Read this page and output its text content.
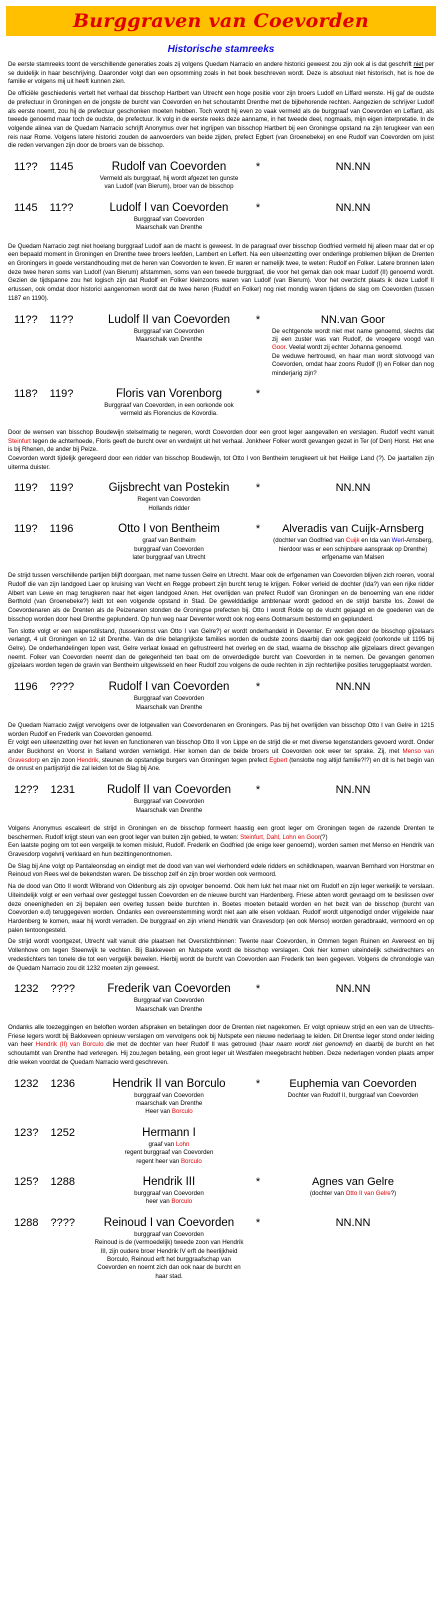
Burggraven van Coevorden
Historische stamreeks

De eerste stamreeks toont de verschillende generaties zoals zij volgens Quedam Narracio en andere historici geweest zou zijn ook al is dat geschrift niet per se duidelijk in haar beschrijving. Daaronder volgt dan een opsomming zoals in het boek beschreven wordt. Deze is absoluut niet historisch, het is hoe de familie er volgens mij uit heeft kunnen zien.

De officiële geschiedenis vertelt het verhaal dat bisschop Hartbert van Utrecht een hoge positie voor zijn broers Ludolf en Liffard wenste. Hij gaf de oudste de prefectuur in Groningen en de jongste de burcht van Coevorden en het schoutambt Drenthe met de bijbehorende rechten. Aangezien de schrijver Ludolf als eerste noemt, zou hij de prefectuur geschonken moeten hebben. Toch wordt hij even zo vaak vermeld als de burggraaf van Coevorden en Leffard, als tweede genoemd maar toch de oudste, de prefectuur. Ik volg in de eerste reeks deze aanname, in het tweede deel, nogmaals, mijn eigen interpretatie. In de volgende alinea van de Quedam Narracio schrijft Anonymus over het ingrijpen van bisschop Hartbert bij een Groningse opstand na zijn terugkeer van een reis naar Rome. Volgens latere historici zouden de aanvoerders van beide zijden, prefect Egbert (van Groenebeke) en ene Rudolf van Coevorden om juist die reden vervangen zijn door de broers van de bisschop.

11?? 1145	Rudolf van Coevorden
Vermeld als burggraaf, hij wordt afgezet ten gunste van Ludolf (van Bierum), broer van de bisschop
*	NN.NN
1145 11??	Ludolf I van Coevorden
Burggraaf van Coevorden
Maarschalk van Drenthe
*	NN.NN

De Quedam Narracio zegt niet hoelang burggraaf Ludolf aan de macht is geweest. In de paragraaf over bisschop Godfried vermeld hij alleen maar dat er op een bepaald moment in Groningen en Drenthe twee broers leefden, Lambert en Leffert. Na een uiteenzetting over onderlinge problemen blijken de Drenten en Groningers in goede verstandhouding met de heren van Coevorden te leven. Er waren er namelijk twee, te weten: Rudolf en Folker. Latere bronnen laten deze twee heren soms van Ludolf (van Bierum) afstammen, soms van een tweede burggraaf, die voor het gemak dan ook maar Ludolf (II) genoemd wordt. Gezien de tijdspanne zou het logisch zijn dat Rudolf en Folker kleinzoons waren van Ludolf (van Bierum). Voor het overzicht plaats ik deze Ludolf II ertussen, ook omdat door historici aangenomen wordt dat de twee heren (Rudolf en Folker) nog niet mondig waren tijdens de slag om Coevorden (tussen 1187 en 1190).

11?? 11??	Ludolf II van Coevorden
Burggraaf van Coevorden
Maarschalk van Drenthe
*	NN.van Goor
De echtgenote wordt niet met name genoemd, slechts dat zij een zuster was van Rudolf, de vroegere voogd van Goor. Veelal wordt zij echter Johanna genoemd.
De weduwe hertrouwd, en haar man wordt slotvoogd van Coevorden, omdat haar zoons Rudolf (I) en Folker dan nog minderjarig zijn?
118? 119?	Floris van Vorenborg
Burggraaf van Coevorden, in een oorkonde ook vermeld als Florencius de Kovordia.
*

Door de wensen van bisschop Boudewijn stelselmatig te negeren, wordt Coevorden door een groot leger aangevallen en verslagen. Rudolf vecht vanuit Steinfurt tegen de achterhoede, Floris geeft de burcht over en verdwijnt uit het verhaal. Jonkheer Folker wordt gevangen gezet in Ter (of Den) Horst. Het ene is bij Rhenen, de ander bij Peize.
Coevorden wordt tijdelijk geregeerd door een ridder van bisschop Boudewijn, tot Otto I von Bentheim terugkeert uit het Heilige Land (?). De jaartallen zijn uiterma duister.

119? 119?	Gijsbrecht van Postekin
Regent van Coevorden
Hollands ridder
*	NN.NN
119? 1196	Otto I von Bentheim
graaf van Bentheim
burggraaf van Coevorden
later burggraaf van Utrecht
*	Alveradis van Cuijk-Arnsberg
(dochter van Godfried van Cuijk en Ida van Werl-Arnsberg, hierdoor was er een schijnbare aanspraak op Drenthe)
erfgename van Malsen

De strijd tussen verschillende partijen blijft doorgaan, met name tussen Gelre en Utrecht. Maar ook de erfgenamen van Coevorden blijven zich roeren, vooral Rudolf die van zijn landgoed Laer op kruising van Vecht en Regge probeert zijn burcht terug te krijgen. Folker verleid de dochter (Ida?) van een rijke ridder Albert van Lewe en mag terugkeren naar het eigen landgoed Anen. Het overlijden van prefect Rudolf van Groningen en de benoeming van ene ridder Berthold (van Groenebeke?) leidt tot een volgende opstand in Stad. De gewelddadige ambtenaar wordt gedood en de strijd barstte los. Zowel de Coevordenaren als de Drenten als de Peizenaren stonden de Groningse prefecten bij. Otto I wordt Rolde op de vlucht gejaagd en de goederen van de bisschop worden door heel Drenthe geplunderd. Op hun weg naar Deventer wordt ook nog eens Ootmarsum bestormd en geplunderd.

Ten slotte volgt er een wapenstilstand, (tussenkomst van Otto I van Gelre?) er wordt onderhandeld in Deventer. Er worden door de bisschop gijzelaars verlangt, 4 uit Groningen en 12 uit Drenthe. Van de drie belangrijkste families worden de oudste zoons daarbij dan ook gegijzeld (oorkonde uit 1195 bij Gelre). De onderhandelingen lopen vast, Gelre verlaat kwaad en gefrustreerd het overleg en de stad, waarna de bisschop alle gijzelaars direct gevangen neemt. Folker van Coevorden neemt dan de gelegenheid ten baat om de onverdedigde burcht van Coevorden in te nemen. De gevangen genomen gijzelaars worden tegen de gravin van Bentheim uitgewisseld en heer Rudolf zou volgens de oude rechten in zijn rechterlijke posities teruggeplaatst worden.

1196 ????	Rudolf I van Coevorden
Burggraaf van Coevorden
Maarschalk van Drenthe
*	NN.NN

De Quedam Narracio zwijgt vervolgens over de lotgevallen van Coevordenaren en Groningers. Pas bij het overlijden van bisschop Otto I van Gelre in 1215 worden Rudolf en Frederik van Coevorden genoemd.
Er volgt een uiteenzetting over het leven en functioneren van bisschop Otto II von Lippe en de strijd die er met diverse tegenstanders gevoerd wordt. Onder ander Buckhorst en Voorst in Salland worden vernietigd. Hier komen dan de beide broers uit Coevorden ook weer ter sprake. Zij, met Menso van Gravesdorp en zijn zoon Hendrik, steunen de opstandige burgers van Groningen tegen prefect Egbert (tenslotte nog altijd familie?!?) en dit is het begin van de onrust en partijstrijd die zal leiden tot de Slag bij Ane.

12?? 1231	Rudolf II van Coevorden
Burggraaf van Coevorden
Maarschalk van Drenthe
*	NN.NN

Volgens Anonymus escaleert de strijd in Groningen en de bisschop formeert haastig een groot leger om Groningen tegen de razende Drenten te beschermen. Rudolf krijgt steun van een groot leger van buiten zijn gebied, te weten: Steinfurt, Dahl, Lohn en Goor(?)
Een laatste poging om tot een vergelijk te komen mislukt, Rudolf. Frederik en Godfried (de enige keer genoemd), worden samen met Menso en Hendrik van Gravesdorp vogelvrij verklaard en hun bezittingenontnomen.

De Slag bij Ane volgt op Pantaleonsdag en eindigt met de dood van van wel vierhonderd edele ridders en schildknapen, waarvan Bernhard von Horstmar en Reinoud von Rees wel de bekendsten waren. De bisschop zelf én zijn broer worden ook vermoord.

Na de dood van Otto II wordt Wilbrand von Oldenburg als zijn opvolger benoemd. Ook hem lukt het maar niet om Rudolf en zijn leger werkelijk te verslaan. Uiteindelijk volgt er een verhaal over gesteggel tussen Coevorden en de nieuwe burcht van Hardenberg. Friese abten wordt gevraagd om te beslissen over deze oneenigheden en zij bepalen een overleg tussen beide burchten in. Boetes moeten betaald worden en het bezit van de bisschop (burcht van Coevorden e.d) teruggegeven worden. Ondanks een overeenstemming wordt niet aan alle eisen voldaan. Rudolf wordt uitgenodigd onder vrijgeleide naar Hardenberg te komen, waar hij wordt verraden. De burggraaf en zijn vriend Hendrik van Gravesdorp (en ook Menso) worden geradbraakt, vermoord en op palen tentoongesteld.

De strijd wordt voortgezet, Utrecht valt vanuit drie plaatsen het Overstichtbinnen: Twente naar Coevorden, in Ommen tegen Ruinen en Avereest en bij Vollenhove om tegen Steenwijk te vechten. Bij Bakkeveen en Nutspete wordt de bisschop verslagen. Ook hier komen uiteindelijk scheidrechters en vredestichters ten tonele die tot een vergelijk bewelen. Hierbij wordt de burcht van Coevorden aan Frederik ten leen gegeven. Volgens de chronologie van de Quedam Narracio zou dit 1232 moeten zijn geweest.

1232 ????	Frederik van Coevorden
Burggraaf van Coevorden
Maarschalk van Drenthe
*	NN.NN

Ondanks alle toezeggingen en beloften worden afspraken en betalingen door de Drenten niet nagekomen. Er volgt opnieuw strijd en een van de Utrechts-Friese legers wordt bij Bakkeveen opnieuw verslagen om vervolgens ook bij Nutspete een nieuwe nederlaag te leiden. Dit Drentse leger stond onder leiding van heer Hendrik (II) van Borculo die met de dochter van heer Rudolf II was getrouwd (haar naam wordt niet genoemd) en daarbij de burcht en het schoutambt van Drenthe had verkregen. Hij zou,tegen betaling, een groot leger uit Westfalen meegebracht hebben. Deze nederlagen vonden plaats amper drie weken voordat de Quedam Narracio werd geschreven.

1232 1236	Hendrik II van Borculo
burggraaf van Coevorden
maarschalk van Drenthe
Heer van Borculo
*	Euphemia van Coevorden
Dochter van Rudolf II, burggraaf van Coevorden
123? 1252	Hermann I
graaf van Lohn
regent burggraaf van Coevorden
regent heer van Borculo
125? 1288	Hendrik III
burggraaf van Coevorden
heer van Borculo
*	Agnes van Gelre
(dochter van Otto II van Gelre?)
1288 ????	Reinoud I van Coevorden
burggraaf van Coevorden
Reinoud is de (vermoedelijk) tweede zoon van Hendrik III, zijn oudere broer Hendrik IV erft de heerlijkheid Borculo, Reinoud erft het burggraafschap van Coevorden en noemt zich dan ook naar de burcht en haar stad.
*	NN.NN
